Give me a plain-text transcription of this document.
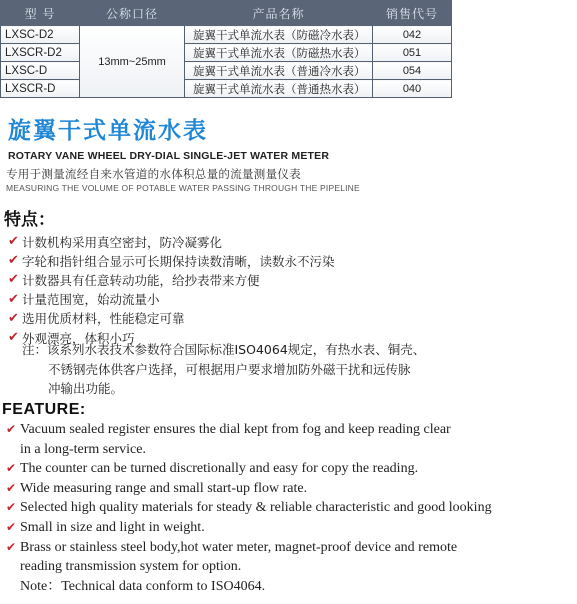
型 号	公称口径	产品名称	销售代号
LXSC-D2	13mm~25mm	旋翼干式单流水表（防磁冷水表）	042
LXSCR-D2		旋翼干式单流水表（防磁热水表）	051
LXSC-D		旋翼干式单流水表（普通冷水表）	054
LXSCR-D		旋翼干式单流水表（普通热水表）	040
旋翼干式单流水表
ROTARY VANE WHEEL DRY-DIAL SINGLE-JET WATER METER
专用于测量流经自来水管道的水体积总量的流量测量仪表
MEASURING THE VOLUME OF POTABLE WATER PASSING THROUGH THE PIPELINE
特点：
✔ 计数机构采用真空密封，防冷凝雾化
✔ 字轮和指针组合显示可长期保持读数清晰，读数永不污染
✔ 计数器具有任意转动功能，给抄表带来方便
✔ 计量范围宽，始动流量小
✔ 选用优质材料，性能稳定可靠
✔ 外观漂亮，体积小巧
注：该系列水表技术参数符合国际标准ISO4064规定，有热水表、铜壳、
不锈钢壳体供客户选择，可根据用户要求增加防外磁干扰和远传脉
冲输出功能。
FEATURE:
✔ Vacuum sealed register ensures the dial kept from fog and keep reading clear
in a long-term service.
✔ The counter can be turned discretionally and easy for copy the reading.
✔ Wide measuring range and small start-up flow rate.
✔ Selected high quality materials for steady & reliable characteristic and good looking
✔ Small in size and light in weight.
✔ Brass or stainless steel body,hot water meter, magnet-proof device and remote
reading transmission system for option.
Note：Technical data conform to ISO4064.
